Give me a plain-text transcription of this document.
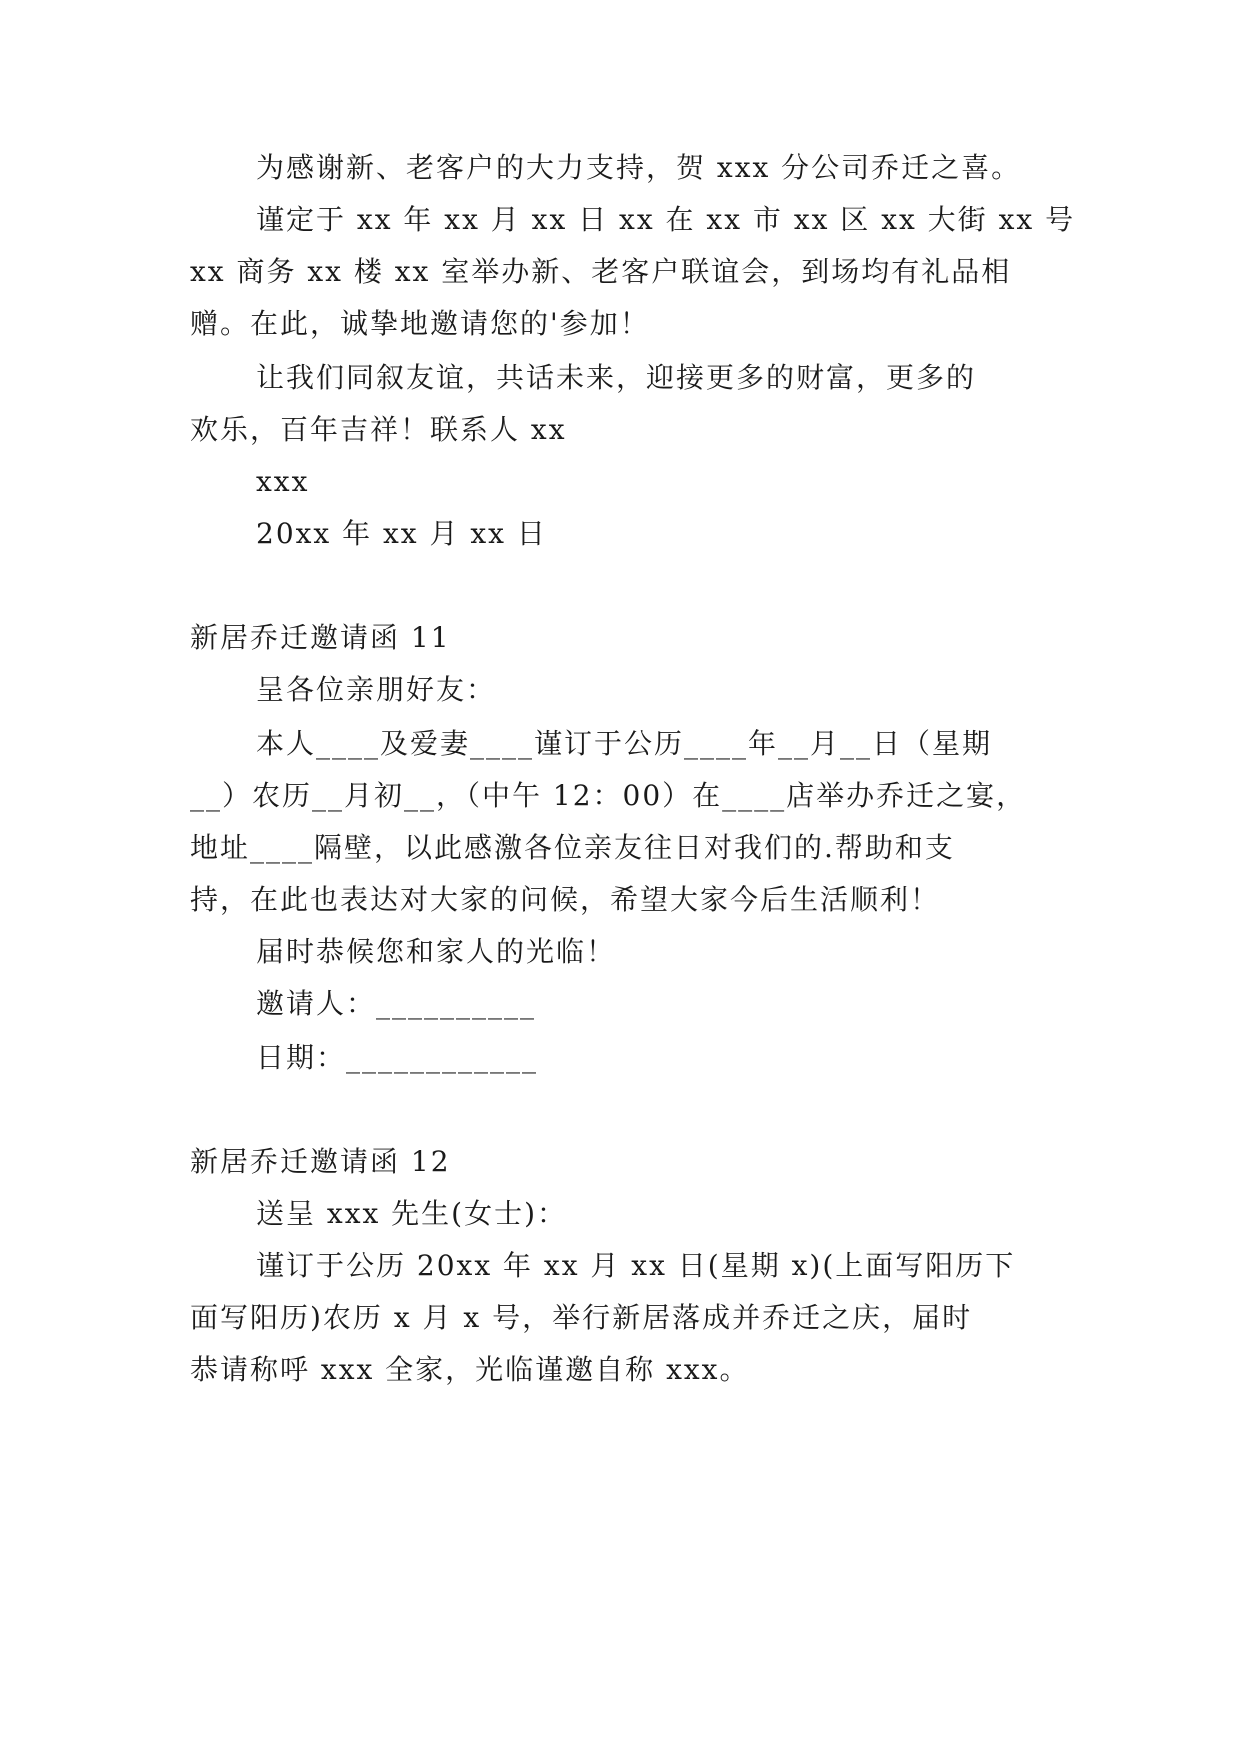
为感谢新、老客户的大力支持，贺 xxx 分公司乔迁之喜。
谨定于 xx 年 xx 月 xx 日 xx 在 xx 市 xx 区 xx 大街 xx 号
xx 商务 xx 楼 xx 室举办新、老客户联谊会，到场均有礼品相
赠。在此，诚挚地邀请您的'参加！
让我们同叙友谊，共话未来，迎接更多的财富，更多的
欢乐，百年吉祥！联系人 xx
xxx
20xx 年 xx 月 xx 日
新居乔迁邀请函 11
呈各位亲朋好友：
本人____及爱妻____谨订于公历____年__月__日（星期
__）农历__月初__，（中午 12：00）在____店举办乔迁之宴，
地址____隔壁，以此感激各位亲友往日对我们的.帮助和支
持，在此也表达对大家的问候，希望大家今后生活顺利！
届时恭候您和家人的光临！
邀请人：__________
日期：____________
新居乔迁邀请函 12
送呈 xxx 先生(女士)：
谨订于公历 20xx 年 xx 月 xx 日(星期 x)(上面写阳历下
面写阳历)农历 x 月 x 号，举行新居落成并乔迁之庆，届时
恭请称呼 xxx 全家，光临谨邀自称 xxx。
